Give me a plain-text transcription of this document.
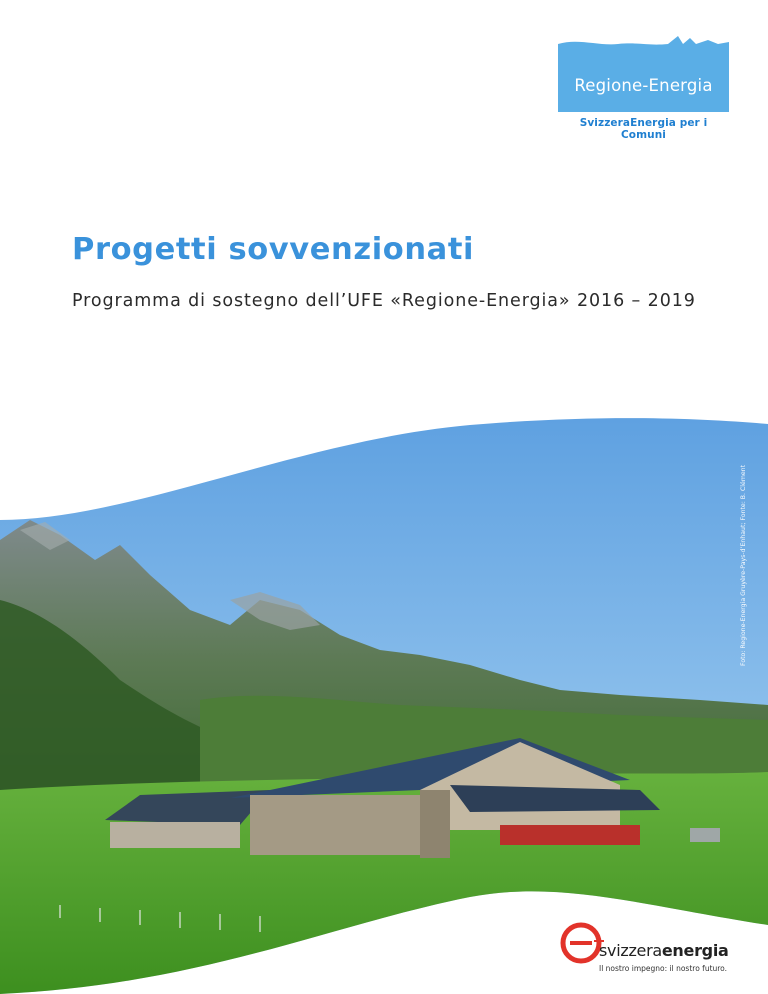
Regione-Energia
SvizzeraEnergia per i Comuni
Progetti sovvenzionati
Programma di sostegno dell’UFE «Regione-Energia» 2016 – 2019
Foto: Regione-Energia Gruyère-Pays-d’Enhaut; Fonte: B. Clément
svizzeraenergia
Il nostro impegno: il nostro futuro.
